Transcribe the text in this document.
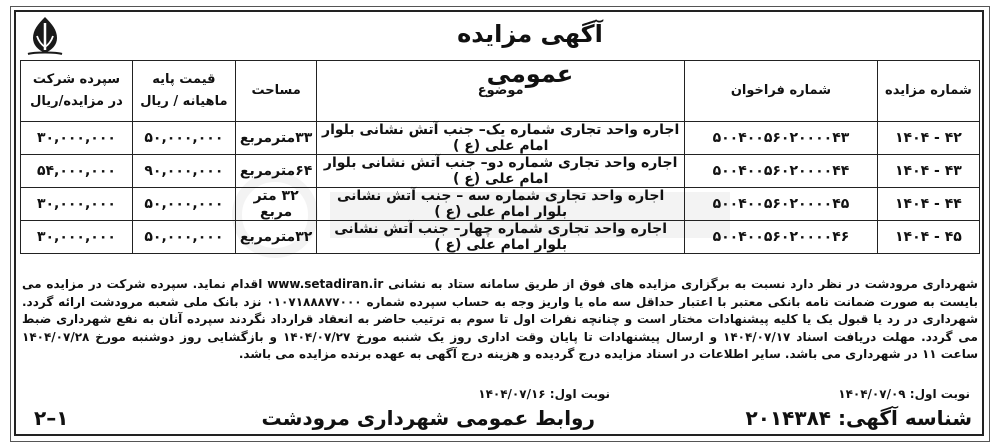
آگهی مزایده عمومی
شماره مزایده	شماره فراخوان	موضوع	مساحت	قیمت پایه ماهیانه / ریال	سپرده شرکت در مزایده/ریال
۴۲ - ۱۴۰۴	۵۰۰۴۰۰۵۶۰۲۰۰۰۰۴۳	اجاره واحد تجاری شماره یک– جنب آتش نشانی بلوار امام علی (ع )	۳۳مترمربع	۵۰,۰۰۰,۰۰۰	۳۰,۰۰۰,۰۰۰
۴۳ - ۱۴۰۴	۵۰۰۴۰۰۵۶۰۲۰۰۰۰۴۴	اجاره واحد تجاری شماره دو– جنب آتش نشانی بلوار امام علی (ع )	۶۴مترمربع	۹۰,۰۰۰,۰۰۰	۵۴,۰۰۰,۰۰۰
۴۴ - ۱۴۰۴	۵۰۰۴۰۰۵۶۰۲۰۰۰۰۴۵	اجاره واحد تجاری شماره سه – جنب آتش نشانی بلوار امام علی (ع )	۳۲ متر مربع	۵۰,۰۰۰,۰۰۰	۳۰,۰۰۰,۰۰۰
۴۵ - ۱۴۰۴	۵۰۰۴۰۰۵۶۰۲۰۰۰۰۴۶	اجاره واحد تجاری شماره چهار– جنب آتش نشانی بلوار امام علی (ع )	۳۲مترمربع	۵۰,۰۰۰,۰۰۰	۳۰,۰۰۰,۰۰۰
شهرداری مرودشت در نظر دارد نسبت به برگزاری مزایده های فوق از طریق سامانه ستاد به نشانی www.setadiran.ir اقدام نماید. سپرده شرکت در مزایده می بایست به صورت ضمانت نامه بانکی معتبر با اعتبار حداقل سه ماه یا واریز وجه به حساب سپرده شماره ۰۱۰۷۱۸۸۸۷۷۰۰۰ نزد بانک ملی شعبه مرودشت ارائه گردد. شهرداری در رد یا قبول یک یا کلیه پیشنهادات مختار است و چنانچه نفرات اول تا سوم به ترتیب حاضر به انعقاد قرارداد نگردند سپرده آنان به نفع شهرداری ضبط می گردد. مهلت دریافت اسناد ۱۴۰۴/۰۷/۱۷ و ارسال پیشنهادات تا پایان وقت اداری روز یک شنبه مورخ ۱۴۰۴/۰۷/۲۷ و بازگشایی روز دوشنبه مورخ ۱۴۰۴/۰۷/۲۸ ساعت ۱۱ در شهرداری می باشد. سایر اطلاعات در اسناد مزایده درج گردیده و هزینه درج آگهی به عهده برنده مزایده می باشد.
نوبت اول: ۱۴۰۴/۰۷/۰۹
نوبت اول: ۱۴۰۴/۰۷/۱۶
شناسه آگهی: ۲۰۱۴۳۸۴
روابط عمومی شهرداری مرودشت
۱–۲
